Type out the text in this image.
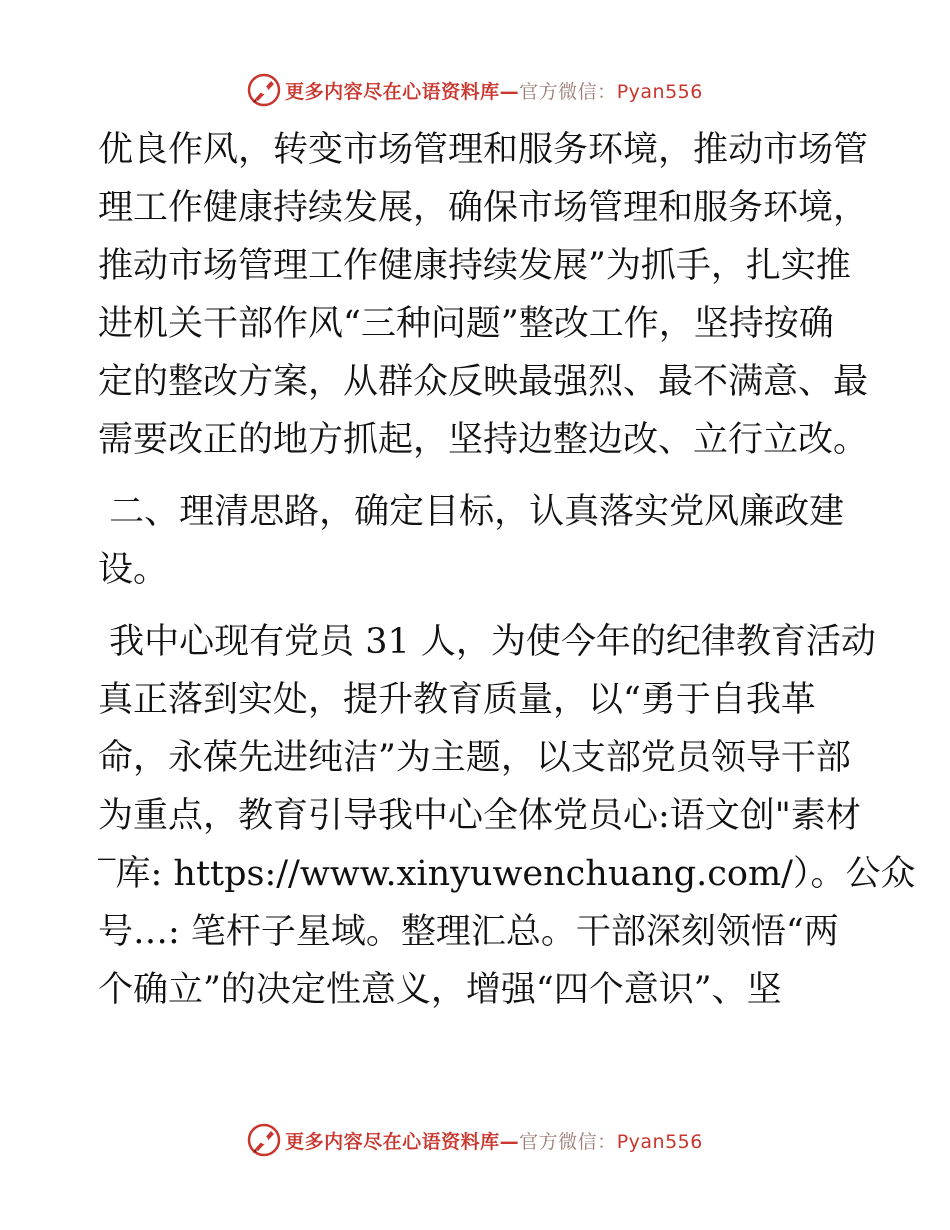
更多内容尽在心语资料库—官方微信：Pyan556

优良作风，转变市场管理和服务环境，推动市场管
理工作健康持续发展，确保市场管理和服务环境，
推动市场管理工作健康持续发展”为抓手，扎实推
进机关干部作风“三种问题”整改工作，坚持按确
定的整改方案，从群众反映最强烈、最不满意、最
需要改正的地方抓起，坚持边整边改、立行立改。

二、理清思路，确定目标，认真落实党风廉政建
设。

我中心现有党员 31 人，为使今年的纪律教育活动
真正落到实处，提升教育质量，以“勇于自我革
命，永葆先进纯洁”为主题，以支部党员领导干部
为重点，教育引导我中心全体党员心:语文创"素材
‾库: https://www.xinyuwenchuang.com/）。公众
号…: 笔杆子星域。整理汇总。干部深刻领悟“两
个确立”的决定性意义，增强“四个意识”、坚

更多内容尽在心语资料库—官方微信：Pyan556
